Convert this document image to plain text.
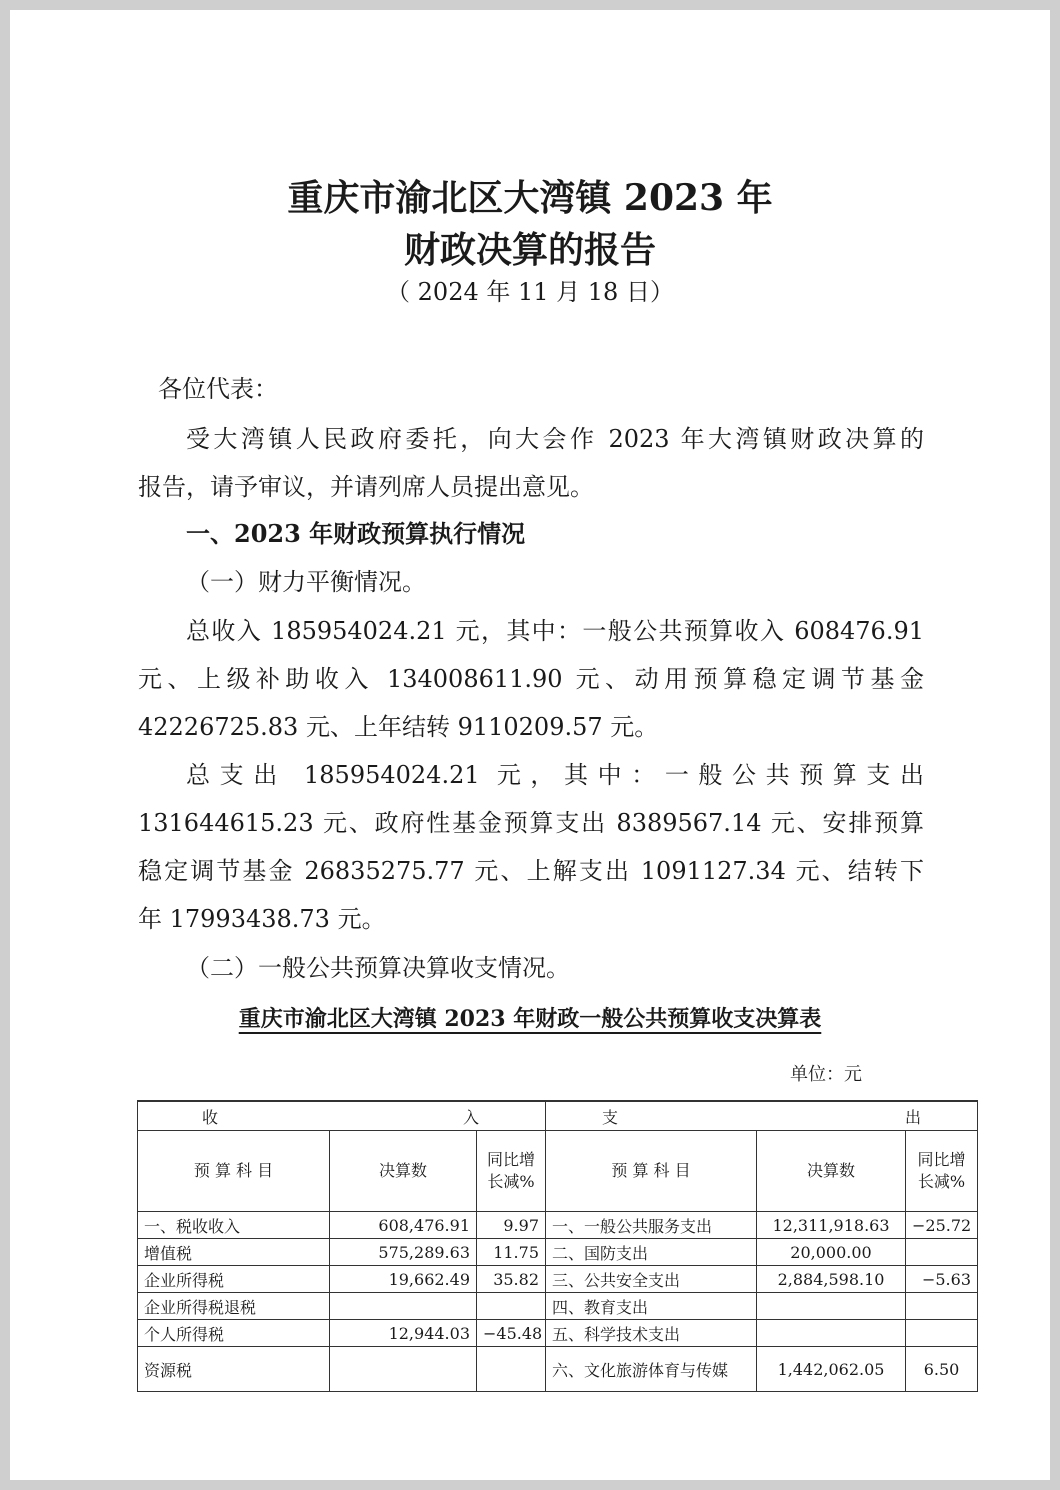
重庆市渝北区大湾镇 2023 年
财政决算的报告
（ 2024 年 11 月 18 日）

各位代表：

受大湾镇人民政府委托，向大会作 2023 年大湾镇财政决算的

报告，请予审议，并请列席人员提出意见。

一、2023 年财政预算执行情况

（一）财力平衡情况。

总收入 185954024.21 元，其中：一般公共预算收入 608476.91

元、上级补助收入 134008611.90 元、动用预算稳定调节基金

42226725.83 元、上年结转 9110209.57 元。

总支出 185954024.21 元，其中：一般公共预算支出

131644615.23 元、政府性基金预算支出 8389567.14 元、安排预算

稳定调节基金 26835275.77 元、上解支出 1091127.34 元、结转下

年 17993438.73 元。

（二）一般公共预算决算收支情况。

重庆市渝北区大湾镇 2023 年财政一般公共预算收支决算表
单位：元
收 入			支 出		

预 算 科 目	决算数	同比增长减%	预 算 科 目	决算数	同比增长减%
一、税收收入	608,476.91	9.97	一、一般公共服务支出	12,311,918.63	−25.72
增值税	575,289.63	11.75	二、国防支出	20,000.00	
企业所得税	19,662.49	35.82	三、公共安全支出	2,884,598.10	−5.63
企业所得税退税			四、教育支出		
个人所得税	12,944.03	−45.48	五、科学技术支出		
资源税			六、文化旅游体育与传媒	1,442,062.05	6.50
